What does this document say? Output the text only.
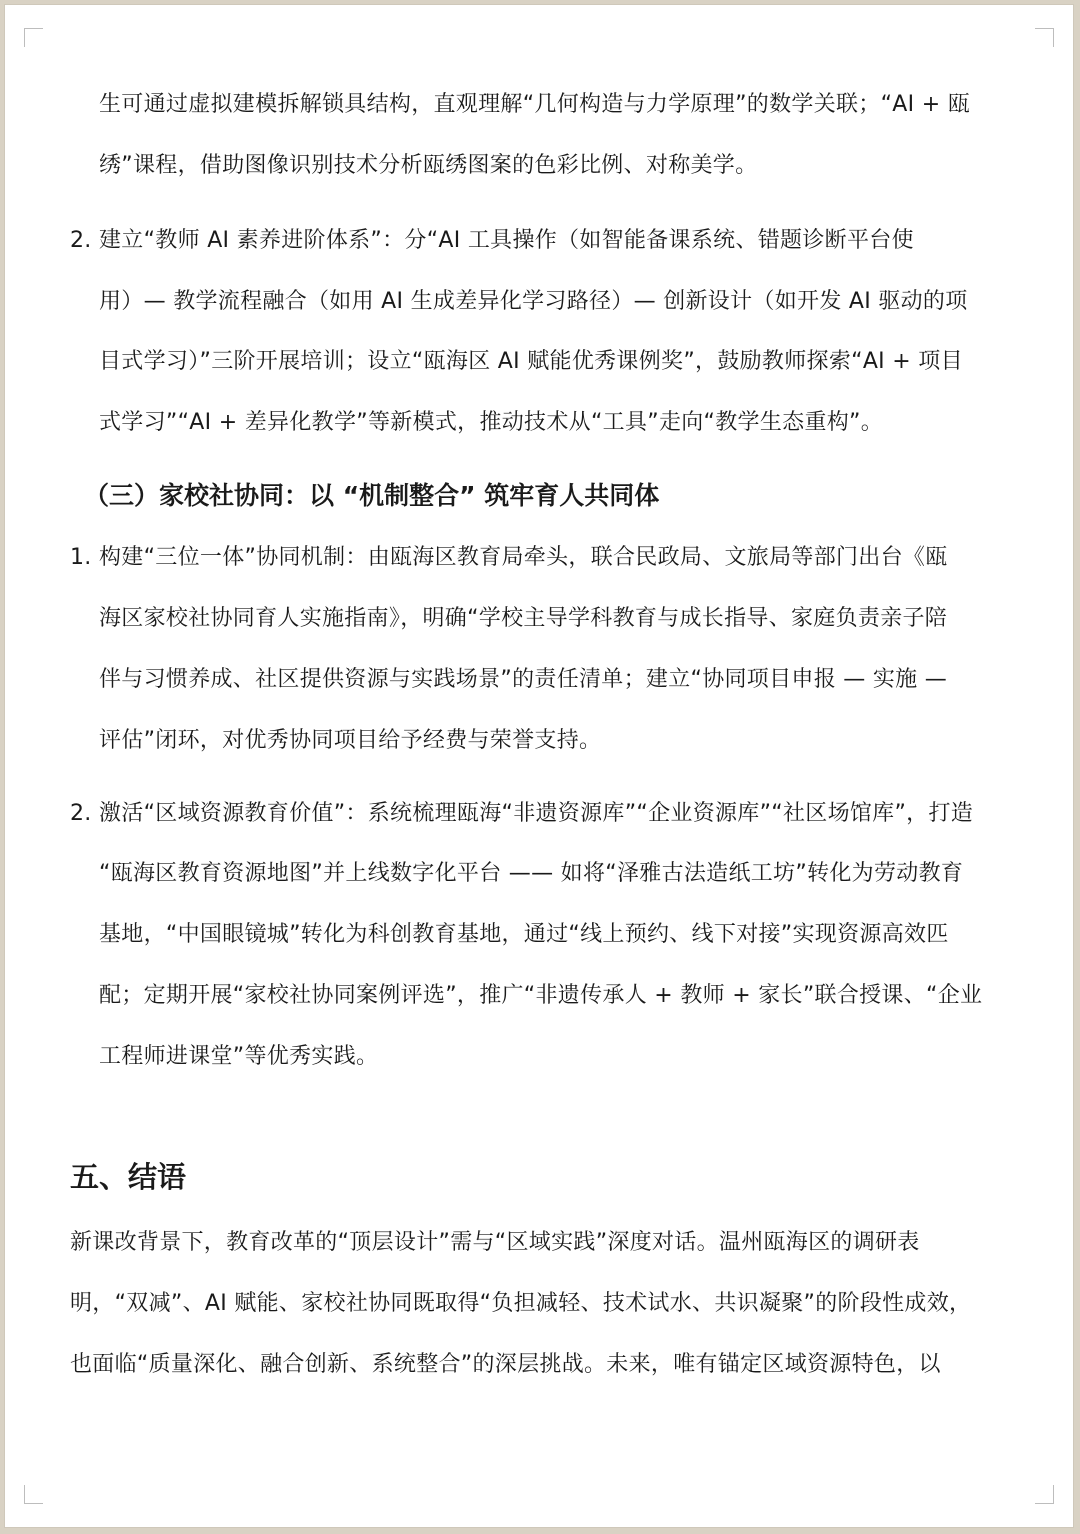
生可通过虚拟建模拆解锁具结构，直观理解“几何构造与力学原理”的数学关联；“AI + 瓯
绣”课程，借助图像识别技术分析瓯绣图案的色彩比例、对称美学。
2. 建立“教师 AI 素养进阶体系”：分“AI 工具操作（如智能备课系统、错题诊断平台使
用）— 教学流程融合（如用 AI 生成差异化学习路径）— 创新设计（如开发 AI 驱动的项
目式学习）”三阶开展培训；设立“瓯海区 AI 赋能优秀课例奖”，鼓励教师探索“AI + 项目
式学习”“AI + 差异化教学”等新模式，推动技术从“工具”走向“教学生态重构”。
（三）家校社协同：以 “机制整合” 筑牢育人共同体
1. 构建“三位一体”协同机制：由瓯海区教育局牵头，联合民政局、文旅局等部门出台《瓯
海区家校社协同育人实施指南》，明确“学校主导学科教育与成长指导、家庭负责亲子陪
伴与习惯养成、社区提供资源与实践场景”的责任清单；建立“协同项目申报 — 实施 —
评估”闭环，对优秀协同项目给予经费与荣誉支持。
2. 激活“区域资源教育价值”：系统梳理瓯海“非遗资源库”“企业资源库”“社区场馆库”，打造
“瓯海区教育资源地图”并上线数字化平台 —— 如将“泽雅古法造纸工坊”转化为劳动教育
基地，“中国眼镜城”转化为科创教育基地，通过“线上预约、线下对接”实现资源高效匹
配；定期开展“家校社协同案例评选”，推广“非遗传承人 + 教师 + 家长”联合授课、“企业
工程师进课堂”等优秀实践。
五、结语
新课改背景下，教育改革的“顶层设计”需与“区域实践”深度对话。温州瓯海区的调研表
明，“双减”、AI 赋能、家校社协同既取得“负担减轻、技术试水、共识凝聚”的阶段性成效，
也面临“质量深化、融合创新、系统整合”的深层挑战。未来，唯有锚定区域资源特色，以
